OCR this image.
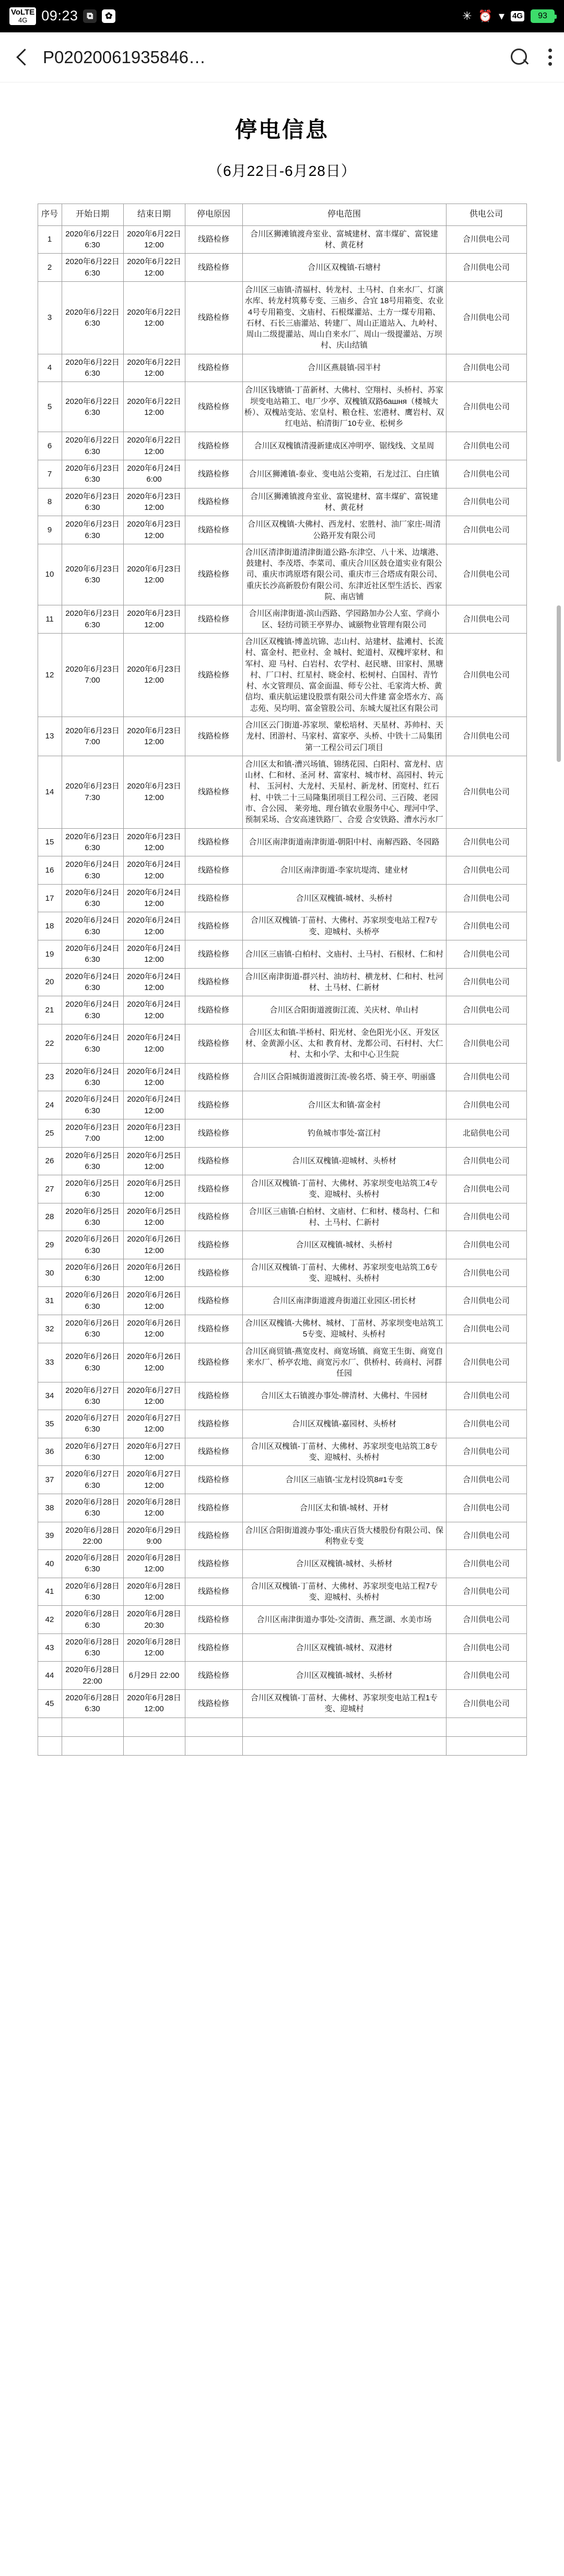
VoLTE
4G 09:23 ⧉	✿	✳ ⏰ ▾ 4G	93
P02020061935846…
停电信息
（6月22日-6月28日）
序号	开始日期	结束日期	停电原因	停电范围	供电公司
1	2020年6月22日 6:30	2020年6月22日 12:00	线路检修	合川区狮滩镇渡舟室业、富城建材、富丰煤矿、富锐建材、黄花材	合川供电公司
2	2020年6月22日 6:30	2020年6月22日 12:00	线路检修	合川区双槐镇-石塘村	合川供电公司
3	2020年6月22日 6:30	2020年6月22日 12:00	线路检修	合川区三庙镇-清福村、转龙村、土马村、自来水厂、灯演水库、转龙村筑募专变、三庙乡、合宜 18号用箱变、农业4号专用箱变、文庙村、石根煤灌站、土方一煤专用箱、石材、石长三庙灌站、转建厂、周山正道站入、九岭村、周山二级提灌站、周山自来水厂、周山一级提灌站、万坝村、庆山结镇	合川供电公司
4	2020年6月22日 6:30	2020年6月22日 12:00	线路检修	合川区燕晨镇-园半村	合川供电公司
5	2020年6月22日 6:30	2020年6月22日 12:00	线路检修	合川区钱塘镇-丁苗新材、大佛村、空翔村、头桥村、苏家坝变电站箱工、电厂少亭、双槐镇双路башня（楼城大桥）、双槐站变站、宏皇村、粮仓柱、宏港材、鹰岩村、双红电站、柏清街厂10专业、松树乡	合川供电公司
6	2020年6月22日 6:30	2020年6月22日 12:00	线路检修	合川区双槐镇清漫新建成区冲明亭、锯线线、文星周	合川供电公司
7	2020年6月23日 6:30	2020年6月24日 6:00	线路检修	合川区狮滩镇-泰业、变电站公变箱，石龙过江、白庄镇	合川供电公司
8	2020年6月23日 6:30	2020年6月23日 12:00	线路检修	合川区狮滩镇渡舟室业、富锐建材、富丰煤矿、富锐建材、黄花材	合川供电公司
9	2020年6月23日 6:30	2020年6月23日 12:00	线路检修	合川区双槐镇-大佛村、西龙村、宏胜村、油厂家庄-周清公路开发有限公司	合川供电公司
10	2020年6月23日 6:30	2020年6月23日 12:00	线路检修	合川区清津街道清津街道公路-东津空、八十米、边壤港、鼓建村、李茂塔、李菜司、重庆合川区鼓仓道实业有限公司、重庆市鸿原塔有限公司、重庆市三合塔成有限公司、重庆长沙高新股份有限公司、东津近社区型生活长、西家院、南店铺	合川供电公司
11	2020年6月23日 6:30	2020年6月23日 12:00	线路检修	合川区南津街道-滨山西路、学园路加办公人室、学商小区、轻纺司锁王亭界办、诚颐物业管理有限公司	合川供电公司
12	2020年6月23日 7:00	2020年6月23日 12:00	线路检修	合川区双槐镇-博盖坑锦、志山村、站建材、盐滩村、长流村、富金村、把业村、金 城村、蛇道村、双槐坪家材、和军村、迎 马村、白岩村、农学村、赵民塘、田家村、黑塘村、厂口村、红星村、晓金村、松树村、白国村、青竹村、水文管理员、富金面温、师专公社、毛家湾大桥、黄 信均、重庆航运建设股票有限公司大件建 富金塔水方、高志苑、吴均明、富金管股公司、东城大厦社区有限公司	合川供电公司
13	2020年6月23日 7:00	2020年6月23日 12:00	线路检修	合川区云门街道-苏家坝、蒙松培材、天星材、苏帅村、天龙村、团游村、马家村、富家亭、头桥、中铁十二局集团第一工程公司云门项目	合川供电公司
14	2020年6月23日 7:30	2020年6月23日 12:00	线路检修	合川区太和镇-漕兴场镇、锦绣花园、白阳村、富龙村、店山材、仁和材、圣河 材、富家村、城市材、高园村、转元村、 玉河村、大龙村、天星村、新龙材、团宽村、红石村、中铁二十三局隆集团项目工程公司、三百陵、老园市、合公园、 莱旁地、理台镇农业服务中心、理河中学、预制采场、合安高速铁路厂、合爱 合安铁路、漕水污水厂	合川供电公司
15	2020年6月23日 6:30	2020年6月23日 12:00	线路检修	合川区南津街道南津街道-朝阳中村、南解西路、冬园路	合川供电公司
16	2020年6月24日 6:30	2020年6月24日 12:00	线路检修	合川区南津街道-李家坑堤湾、建业材	合川供电公司
17	2020年6月24日 6:30	2020年6月24日 12:00	线路检修	合川区双槐镇-城材、头桥村	合川供电公司
18	2020年6月24日 6:30	2020年6月24日 12:00	线路检修	合川区双槐镇-丁苗村、大佛村、苏家坝变电站工程7专变、迎城村、头桥亭	合川供电公司
19	2020年6月24日 6:30	2020年6月24日 12:00	线路检修	合川区三庙镇-白柏村、文庙村、土马村、石根材、仁和村	合川供电公司
20	2020年6月24日 6:30	2020年6月24日 12:00	线路检修	合川区南津街道-群兴村、油坊村、横龙材、仁和村、杜河材、土马材、仁新材	合川供电公司
21	2020年6月24日 6:30	2020年6月24日 12:00	线路检修	合川区合阳街道渡街江流、关庆材、单山村	合川供电公司
22	2020年6月24日 6:30	2020年6月24日 12:00	线路检修	合川区太和镇-半桥村、阳光材、金色阳光小区、开发区材、金黄源小区、太和 教育材、龙都公司、石村村、大仁村、太和小学、太和中心卫生院	合川供电公司
23	2020年6月24日 6:30	2020年6月24日 12:00	线路检修	合川区合阳城街道渡街江流-骏名塔、骑王亭、明丽盛	合川供电公司
24	2020年6月24日 6:30	2020年6月24日 12:00	线路检修	合川区太和镇-富金村	合川供电公司
25	2020年6月23日 7:00	2020年6月23日 12:00	线路检修	钓鱼城市事处-富江村	北碚供电公司
26	2020年6月25日 6:30	2020年6月25日 12:00	线路检修	合川区双槐镇-迎城材、头桥材	合川供电公司
27	2020年6月25日 6:30	2020年6月25日 12:00	线路检修	合川区双槐镇-丁苗村、大佛材、苏家坝变电站筑工4专变、迎城村、头桥村	合川供电公司
28	2020年6月25日 6:30	2020年6月25日 12:00	线路检修	合川区三庙镇-白柏材、文庙材、仁和材、楼岛村、仁和村、土马村、仁新村	合川供电公司
29	2020年6月26日 6:30	2020年6月26日 12:00	线路检修	合川区双槐镇-城材、头桥村	合川供电公司
30	2020年6月26日 6:30	2020年6月26日 12:00	线路检修	合川区双槐镇-丁苗村、大佛材、苏家坝变电站筑工6专变、迎城村、头桥村	合川供电公司
31	2020年6月26日 6:30	2020年6月26日 12:00	线路检修	合川区南津街道渡舟街道江业园区-团长材	合川供电公司
32	2020年6月26日 6:30	2020年6月26日 12:00	线路检修	合川区双槐镇-大佛材、城材、丁苗材、苏家坝变电站筑工5专变、迎城村、头桥村	合川供电公司
33	2020年6月26日 6:30	2020年6月26日 12:00	线路检修	合川区商贸镇-燕宽皮村、商宽场镇、商宽王生街、商宽自来水厂、桥亭农地、商宽污水厂、供桥村、砖商村、河群任园	合川供电公司
34	2020年6月27日 6:30	2020年6月27日 12:00	线路检修	合川区太石镇渡办事处-牌清材、大佛村、牛园材	合川供电公司
35	2020年6月27日 6:30	2020年6月27日 12:00	线路检修	合川区双槐镇-嘉园材、头桥材	合川供电公司
36	2020年6月27日 6:30	2020年6月27日 12:00	线路检修	合川区双槐镇-丁苗材、大佛材、苏家坝变电站筑工8专变、迎城村、头桥村	合川供电公司
37	2020年6月27日 6:30	2020年6月27日 12:00	线路检修	合川区三庙镇-宝龙村设筑8#1专变	合川供电公司
38	2020年6月28日 6:30	2020年6月28日 12:00	线路检修	合川区太和镇-城材、开材	合川供电公司
39	2020年6月28日 22:00	2020年6月29日 9:00	线路检修	合川区合阳街道渡办事处-重庆百货大楼股份有限公司、保利物业专变	合川供电公司
40	2020年6月28日 6:30	2020年6月28日 12:00	线路检修	合川区双槐镇-城材、头桥材	合川供电公司
41	2020年6月28日 6:30	2020年6月28日 12:00	线路检修	合川区双槐镇-丁苗材、大佛材、苏家坝变电站工程7专变、迎城村、头桥村	合川供电公司
42	2020年6月28日 6:30	2020年6月28日 20:30	线路检修	合川区南津街道办事处-交清街、燕芝湖、水美市场	合川供电公司
43	2020年6月28日 6:30	2020年6月28日 12:00	线路检修	合川区双槐镇-城材、双港材	合川供电公司
44	2020年6月28日 22:00	6月29日 22:00	线路检修	合川区双槐镇-城材、头桥材	合川供电公司
45	2020年6月28日 6:30	2020年6月28日 12:00	线路检修	合川区双槐镇-丁苗材、大佛材、苏家坝变电站工程1专变、迎城村	合川供电公司
